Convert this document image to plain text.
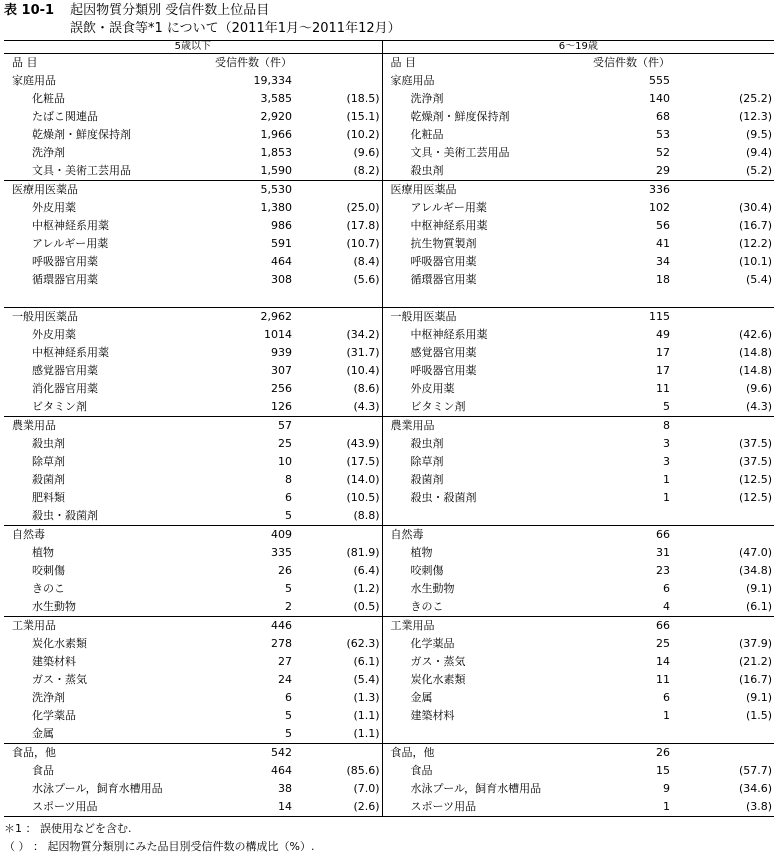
表 10-1 起因物質分類別 受信件数上位品目
誤飲・誤食等*1 について（2011年1月～2011年12月）
5歳以下			6～19歳		
品 目	受信件数（件）		品 目	受信件数（件）	
家庭用品	19,334		家庭用品	555	
化粧品	3,585	(18.5)	洗浄剤	140	(25.2)
たばこ関連品	2,920	(15.1)	乾燥剤・鮮度保持剤	68	(12.3)
乾燥剤・鮮度保持剤	1,966	(10.2)	化粧品	53	(9.5)
洗浄剤	1,853	(9.6)	文具・美術工芸用品	52	(9.4)
文具・美術工芸用品	1,590	(8.2)	殺虫剤	29	(5.2)
医療用医薬品	5,530		医療用医薬品	336	
外皮用薬	1,380	(25.0)	アレルギー用薬	102	(30.4)
中枢神経系用薬	986	(17.8)	中枢神経系用薬	56	(16.7)
アレルギー用薬	591	(10.7)	抗生物質製剤	41	(12.2)
呼吸器官用薬	464	(8.4)	呼吸器官用薬	34	(10.1)
循環器官用薬	308	(5.6)	循環器官用薬	18	(5.4)

一般用医薬品	2,962		一般用医薬品	115	
外皮用薬	1014	(34.2)	中枢神経系用薬	49	(42.6)
中枢神経系用薬	939	(31.7)	感覚器官用薬	17	(14.8)
感覚器官用薬	307	(10.4)	呼吸器官用薬	17	(14.8)
消化器官用薬	256	(8.6)	外皮用薬	11	(9.6)
ビタミン剤	126	(4.3)	ビタミン剤	5	(4.3)
農業用品	57		農業用品	8	
殺虫剤	25	(43.9)	殺虫剤	3	(37.5)
除草剤	10	(17.5)	除草剤	3	(37.5)
殺菌剤	8	(14.0)	殺菌剤	1	(12.5)
肥料類	6	(10.5)	殺虫・殺菌剤	1	(12.5)
殺虫・殺菌剤	5	(8.8)			
自然毒	409		自然毒	66	
植物	335	(81.9)	植物	31	(47.0)
咬刺傷	26	(6.4)	咬刺傷	23	(34.8)
きのこ	5	(1.2)	水生動物	6	(9.1)
水生動物	2	(0.5)	きのこ	4	(6.1)
工業用品	446		工業用品	66	
炭化水素類	278	(62.3)	化学薬品	25	(37.9)
建築材料	27	(6.1)	ガス・蒸気	14	(21.2)
ガス・蒸気	24	(5.4)	炭化水素類	11	(16.7)
洗浄剤	6	(1.3)	金属	6	(9.1)
化学薬品	5	(1.1)	建築材料	1	(1.5)
金属	5	(1.1)			
食品，他	542		食品，他	26	
食品	464	(85.6)	食品	15	(57.7)
水泳プール，飼育水槽用品	38	(7.0)	水泳プール，飼育水槽用品	9	(34.6)
スポーツ用品	14	(2.6)	スポーツ用品	1	(3.8)
＊1 ： 誤使用などを含む.
（ ） ： 起因物質分類別にみた品目別受信件数の構成比（%）.
